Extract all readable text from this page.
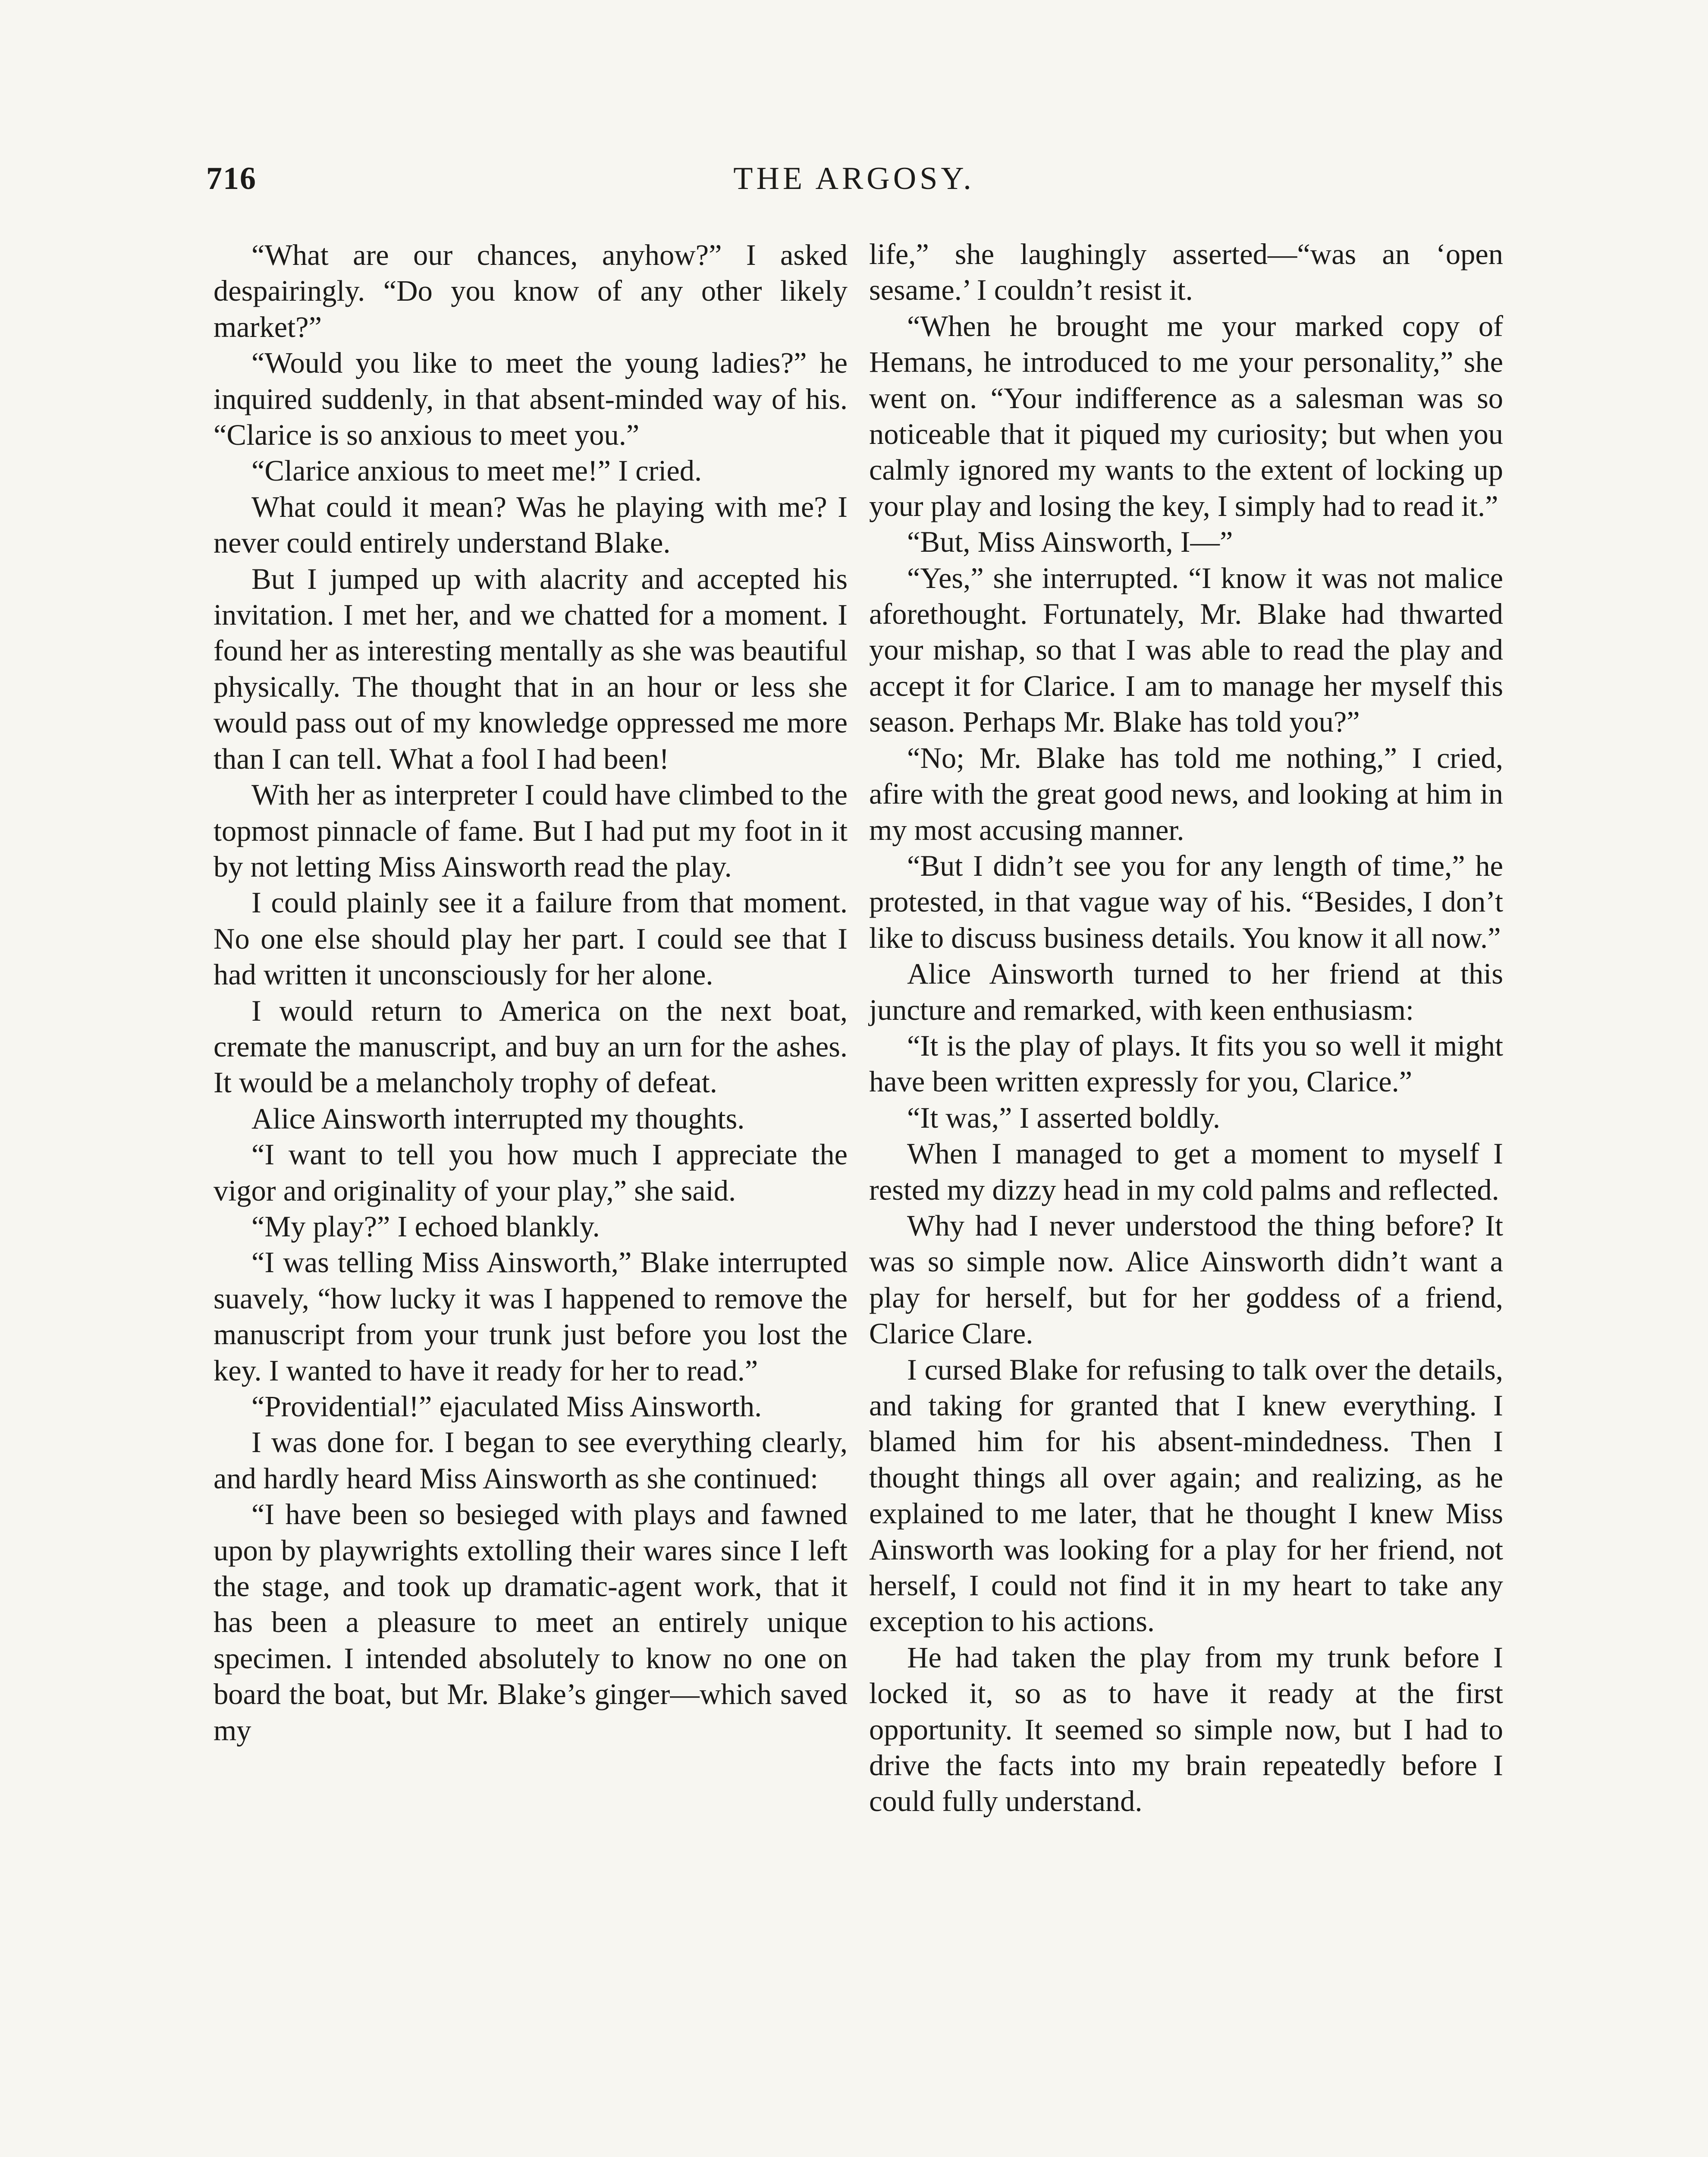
716	THE ARGOSY.

“What are our chances, anyhow?” I asked despairingly. “Do you know of any other likely market?”

“Would you like to meet the young ladies?” he inquired suddenly, in that absent-minded way of his. “Clarice is so anxious to meet you.”

“Clarice anxious to meet me!” I cried.

What could it mean? Was he playing with me? I never could entirely understand Blake.

But I jumped up with alacrity and accepted his invitation. I met her, and we chatted for a moment. I found her as interesting mentally as she was beautiful physically. The thought that in an hour or less she would pass out of my knowledge oppressed me more than I can tell. What a fool I had been!

With her as interpreter I could have climbed to the topmost pinnacle of fame. But I had put my foot in it by not letting Miss Ainsworth read the play.

I could plainly see it a failure from that moment. No one else should play her part. I could see that I had written it unconsciously for her alone.

I would return to America on the next boat, cremate the manuscript, and buy an urn for the ashes. It would be a melancholy trophy of defeat.

Alice Ainsworth interrupted my thoughts.

“I want to tell you how much I appreciate the vigor and originality of your play,” she said.

“My play?” I echoed blankly.

“I was telling Miss Ainsworth,” Blake interrupted suavely, “how lucky it was I happened to remove the manuscript from your trunk just before you lost the key. I wanted to have it ready for her to read.”

“Providential!” ejaculated Miss Ainsworth.

I was done for. I began to see everything clearly, and hardly heard Miss Ainsworth as she continued:

“I have been so besieged with plays and fawned upon by playwrights extolling their wares since I left the stage, and took up dramatic-agent work, that it has been a pleasure to meet an entirely unique specimen. I intended absolutely to know no one on board the boat, but Mr. Blake’s ginger—which saved my

life,” she laughingly asserted—“was an ‘open sesame.’ I couldn’t resist it.

“When he brought me your marked copy of Hemans, he introduced to me your personality,” she went on. “Your indifference as a salesman was so noticeable that it piqued my curiosity; but when you calmly ignored my wants to the extent of locking up your play and losing the key, I simply had to read it.”

“But, Miss Ainsworth, I—”

“Yes,” she interrupted. “I know it was not malice aforethought. Fortunately, Mr. Blake had thwarted your mishap, so that I was able to read the play and accept it for Clarice. I am to manage her myself this season. Perhaps Mr. Blake has told you?”

“No; Mr. Blake has told me nothing,” I cried, afire with the great good news, and looking at him in my most accusing manner.

“But I didn’t see you for any length of time,” he protested, in that vague way of his. “Besides, I don’t like to discuss business details. You know it all now.”

Alice Ainsworth turned to her friend at this juncture and remarked, with keen enthusiasm:

“It is the play of plays. It fits you so well it might have been written expressly for you, Clarice.”

“It was,” I asserted boldly.

When I managed to get a moment to myself I rested my dizzy head in my cold palms and reflected.

Why had I never understood the thing before? It was so simple now. Alice Ainsworth didn’t want a play for herself, but for her goddess of a friend, Clarice Clare.

I cursed Blake for refusing to talk over the details, and taking for granted that I knew everything. I blamed him for his absent-mindedness. Then I thought things all over again; and realizing, as he explained to me later, that he thought I knew Miss Ainsworth was looking for a play for her friend, not herself, I could not find it in my heart to take any exception to his actions.

He had taken the play from my trunk before I locked it, so as to have it ready at the first opportunity. It seemed so simple now, but I had to drive the facts into my brain repeatedly before I could fully understand.
